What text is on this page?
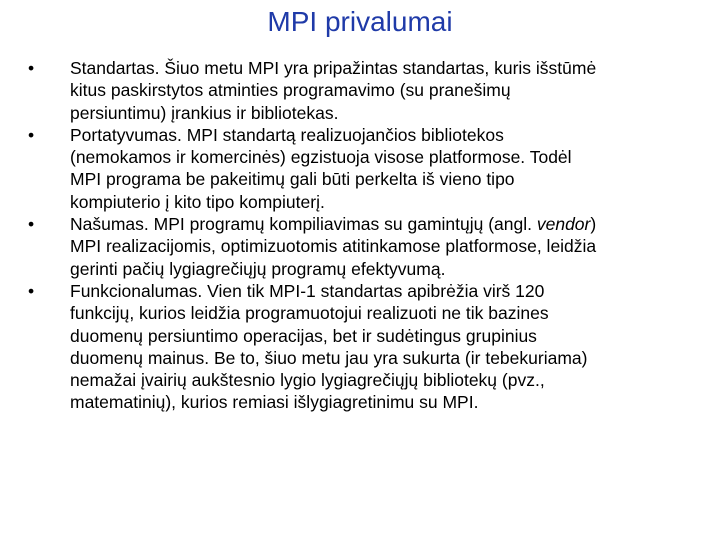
MPI privalumai
• Standartas. Šiuo metu MPI yra pripažintas standartas, kuris išstūmė
kitus paskirstytos atminties programavimo (su pranešimų
persiuntimu) įrankius ir bibliotekas.
• Portatyvumas. MPI standartą realizuojančios bibliotekos
(nemokamos ir komercinės) egzistuoja visose platformose. Todėl
MPI programa be pakeitimų gali būti perkelta iš vieno tipo
kompiuterio į kito tipo kompiuterį.
• Našumas. MPI programų kompiliavimas su gamintųjų (angl. vendor)
MPI realizacijomis, optimizuotomis atitinkamose platformose, leidžia
gerinti pačių lygiagrečiųjų programų efektyvumą.
• Funkcionalumas. Vien tik MPI-1 standartas apibrėžia virš 120
funkcijų, kurios leidžia programuotojui realizuoti ne tik bazines
duomenų persiuntimo operacijas, bet ir sudėtingus grupinius
duomenų mainus. Be to, šiuo metu jau yra sukurta (ir tebekuriama)
nemažai įvairių aukštesnio lygio lygiagrečiųjų bibliotekų (pvz.,
matematinių), kurios remiasi išlygiagretinimu su MPI.
